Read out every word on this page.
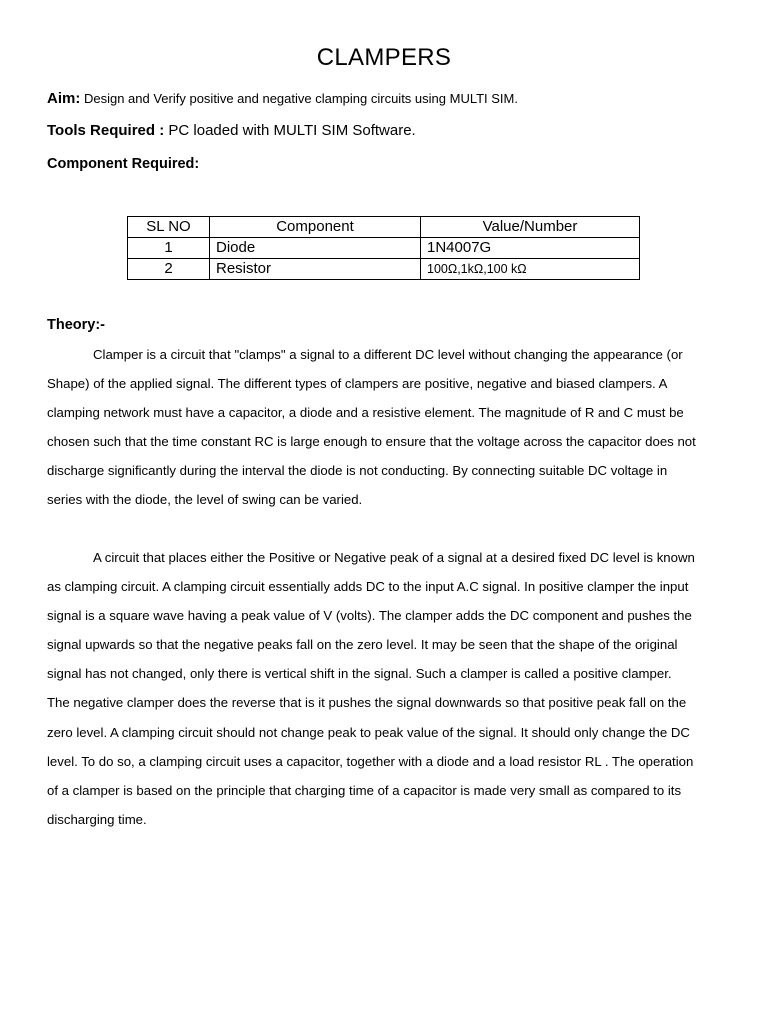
CLAMPERS
Aim: Design and Verify positive and negative clamping circuits using MULTI SIM.
Tools Required : PC loaded with MULTI SIM Software.
Component Required:
SL NO	Component	Value/Number
1	Diode	1N4007G
2	Resistor	100Ω,1kΩ,100 kΩ
Theory:-

Clamper is a circuit that "clamps" a signal to a different DC level without changing the appearance (or Shape) of the applied signal. The different types of clampers are positive, negative and biased clampers. A clamping network must have a capacitor, a diode and a resistive element. The magnitude of R and C must be chosen such that the time constant RC is large enough to ensure that the voltage across the capacitor does not discharge significantly during the interval the diode is not conducting. By connecting suitable DC voltage in series with the diode, the level of swing can be varied.

A circuit that places either the Positive or Negative peak of a signal at a desired fixed DC level is known as clamping circuit. A clamping circuit essentially adds DC to the input A.C signal. In positive clamper the input signal is a square wave having a peak value of V (volts). The clamper adds the DC component and pushes the signal upwards so that the negative peaks fall on the zero level. It may be seen that the shape of the original signal has not changed, only there is vertical shift in the signal. Such a clamper is called a positive clamper. The negative clamper does the reverse that is it pushes the signal downwards so that positive peak fall on the zero level. A clamping circuit should not change peak to peak value of the signal. It should only change the DC level. To do so, a clamping circuit uses a capacitor, together with a diode and a load resistor RL . The operation of a clamper is based on the principle that charging time of a capacitor is made very small as compared to its discharging time.
